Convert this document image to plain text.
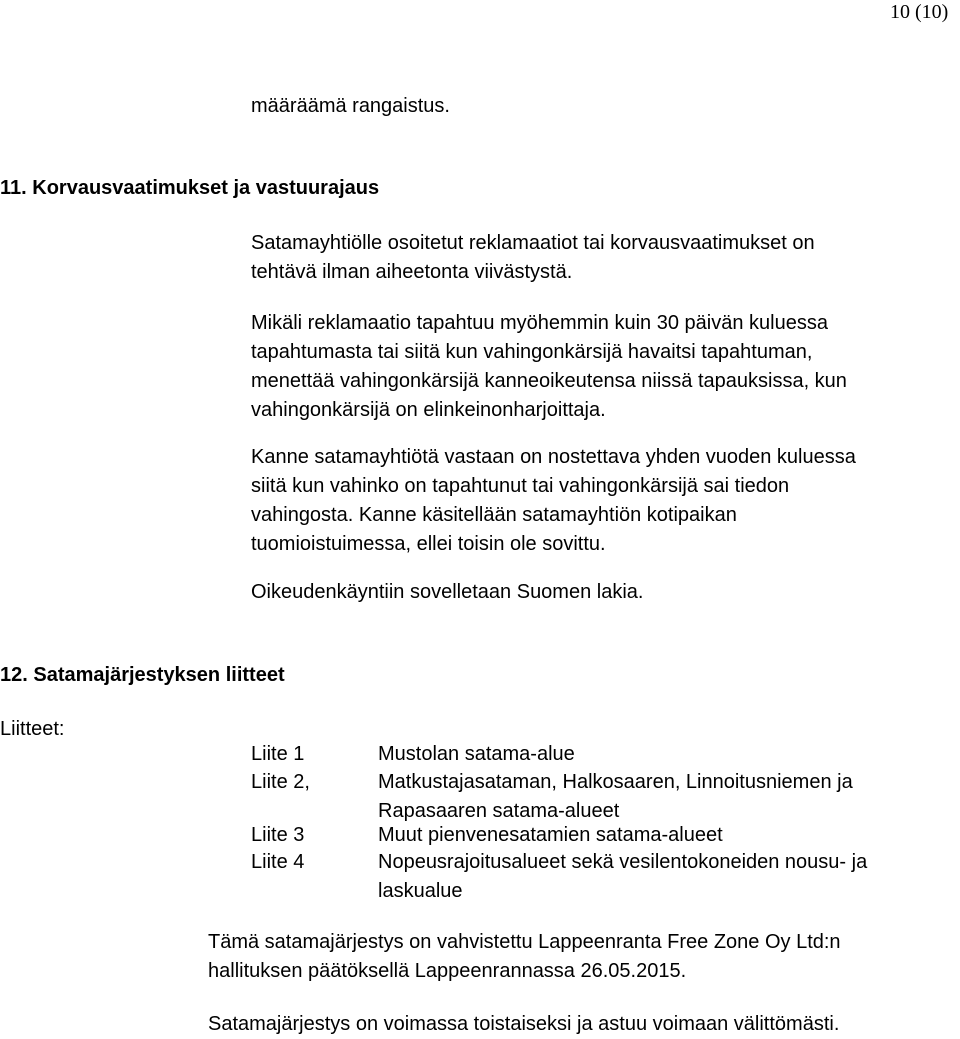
10 (10)
määräämä rangaistus.
11. Korvausvaatimukset ja vastuurajaus
Satamayhtiölle osoitetut reklamaatiot tai korvausvaatimukset on
tehtävä ilman aiheetonta viivästystä.
Mikäli reklamaatio tapahtuu myöhemmin kuin 30 päivän kuluessa
tapahtumasta tai siitä kun vahingonkärsijä havaitsi tapahtuman,
menettää vahingonkärsijä kanneoikeutensa niissä tapauksissa, kun
vahingonkärsijä on elinkeinonharjoittaja.
Kanne satamayhtiötä vastaan on nostettava yhden vuoden kuluessa
siitä kun vahinko on tapahtunut tai vahingonkärsijä sai tiedon
vahingosta. Kanne käsitellään satamayhtiön kotipaikan
tuomioistuimessa, ellei toisin ole sovittu.
Oikeudenkäyntiin sovelletaan Suomen lakia.
12. Satamajärjestyksen liitteet
Liitteet:
Liite 1	Mustolan satama-alue
Liite 2,	Matkustajasataman, Halkosaaren, Linnoitusniemen ja
Rapasaaren satama-alueet
Liite 3	Muut pienvenesatamien satama-alueet
Liite 4	Nopeusrajoitusalueet sekä vesilentokoneiden nousu- ja
laskualue
Tämä satamajärjestys on vahvistettu Lappeenranta Free Zone Oy Ltd:n
hallituksen päätöksellä Lappeenrannassa 26.05.2015.
Satamajärjestys on voimassa toistaiseksi ja astuu voimaan välittömästi.
